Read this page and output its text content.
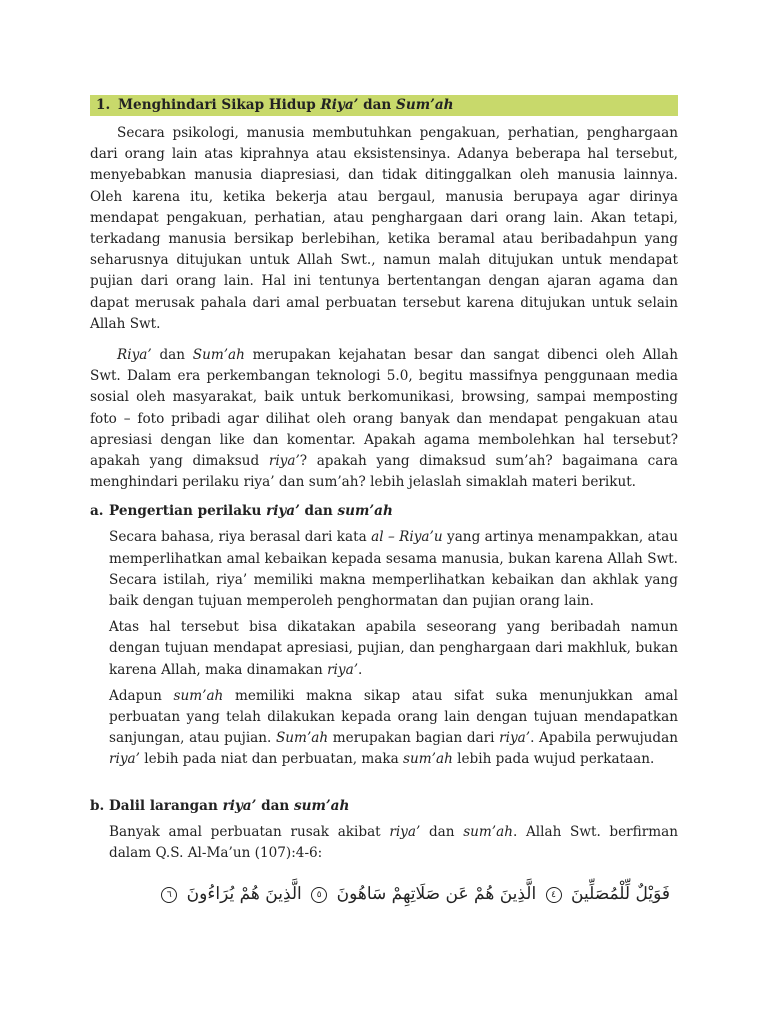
1. Menghindari Sikap Hidup Riya’ dan Sum’ah

Secara psikologi, manusia membutuhkan pengakuan, perhatian, penghargaan dari orang lain atas kiprahnya atau eksistensinya. Adanya beberapa hal tersebut, menyebabkan manusia diapresiasi, dan tidak ditinggalkan oleh manusia lainnya. Oleh karena itu, ketika bekerja atau bergaul, manusia berupaya agar dirinya mendapat pengakuan, perhatian, atau penghargaan dari orang lain. Akan tetapi, terkadang manusia bersikap berlebihan, ketika beramal atau beribadahpun yang seharusnya ditujukan untuk Allah Swt., namun malah ditujukan untuk mendapat pujian dari orang lain. Hal ini tentunya bertentangan dengan ajaran agama dan dapat merusak pahala dari amal perbuatan tersebut karena ditujukan untuk selain Allah Swt.

Riya’ dan Sum’ah merupakan kejahatan besar dan sangat dibenci oleh Allah Swt. Dalam era perkembangan teknologi 5.0, begitu massifnya penggunaan media sosial oleh masyarakat, baik untuk berkomunikasi, browsing, sampai memposting foto – foto pribadi agar dilihat oleh orang banyak dan mendapat pengakuan atau apresiasi dengan like dan komentar. Apakah agama membolehkan hal tersebut? apakah yang dimaksud riya’? apakah yang dimaksud sum’ah? bagaimana cara menghindari perilaku riya’ dan sum’ah? lebih jelaslah simaklah materi berikut.

a. Pengertian perilaku riya’ dan sum’ah

Secara bahasa, riya berasal dari kata al – Riya’u yang artinya menampakkan, atau memperlihatkan amal kebaikan kepada sesama manusia, bukan karena Allah Swt. Secara istilah, riya’ memiliki makna memperlihatkan kebaikan dan akhlak yang baik dengan tujuan memperoleh penghormatan dan pujian orang lain.

Atas hal tersebut bisa dikatakan apabila seseorang yang beribadah namun dengan tujuan mendapat apresiasi, pujian, dan penghargaan dari makhluk, bukan karena Allah, maka dinamakan riya’.

Adapun sum’ah memiliki makna sikap atau sifat suka menunjukkan amal perbuatan yang telah dilakukan kepada orang lain dengan tujuan mendapatkan sanjungan, atau pujian. Sum’ah merupakan bagian dari riya’. Apabila perwujudan riya’ lebih pada niat dan perbuatan, maka sum’ah lebih pada wujud perkataan.

b. Dalil larangan riya’ dan sum’ah

Banyak amal perbuatan rusak akibat riya’ dan sum’ah. Allah Swt. berfirman dalam Q.S. Al-Ma’un (107):4-6:

فَوَيْلٌ لِّلْمُصَلِّينَ ٤ الَّذِينَ هُمْ عَن صَلَاتِهِمْ سَاهُونَ ٥ الَّذِينَ هُمْ يُرَاءُونَ ٦
